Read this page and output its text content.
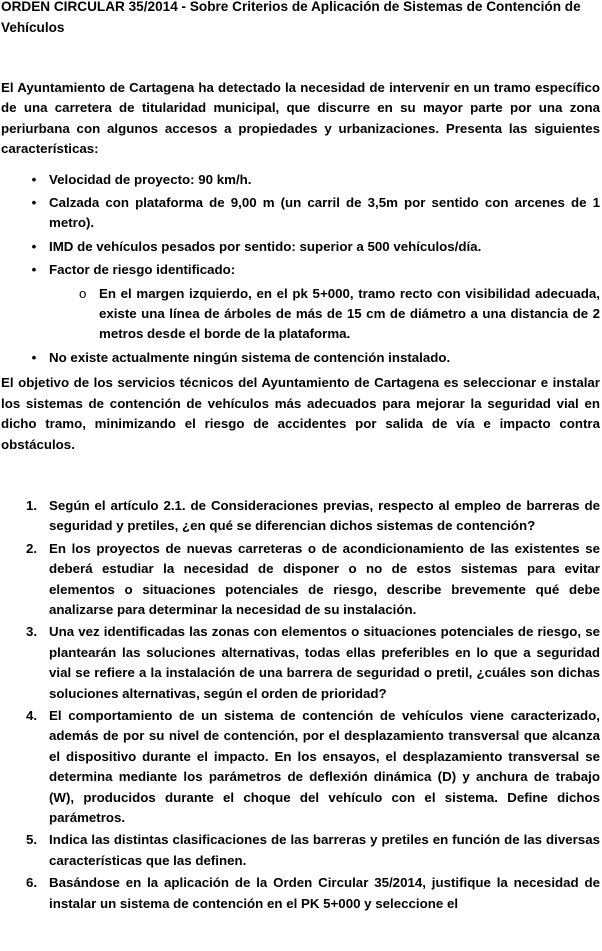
ORDEN CIRCULAR 35/2014 - Sobre Criterios de Aplicación de Sistemas de Contención de Vehículos

El Ayuntamiento de Cartagena ha detectado la necesidad de intervenir en un tramo específico de una carretera de titularidad municipal, que discurre en su mayor parte por una zona periurbana con algunos accesos a propiedades y urbanizaciones. Presenta las siguientes características:

• Velocidad de proyecto: 90 km/h.
• Calzada con plataforma de 9,00 m (un carril de 3,5m por sentido con arcenes de 1 metro).
• IMD de vehículos pesados por sentido: superior a 500 vehículos/día.
• Factor de riesgo identificado:
o En el margen izquierdo, en el pk 5+000, tramo recto con visibilidad adecuada, existe una línea de árboles de más de 15 cm de diámetro a una distancia de 2 metros desde el borde de la plataforma.
• No existe actualmente ningún sistema de contención instalado.

El objetivo de los servicios técnicos del Ayuntamiento de Cartagena es seleccionar e instalar los sistemas de contención de vehículos más adecuados para mejorar la seguridad vial en dicho tramo, minimizando el riesgo de accidentes por salida de vía e impacto contra obstáculos.

1. Según el artículo 2.1. de Consideraciones previas, respecto al empleo de barreras de seguridad y pretiles, ¿en qué se diferencian dichos sistemas de contención?
2. En los proyectos de nuevas carreteras o de acondicionamiento de las existentes se deberá estudiar la necesidad de disponer o no de estos sistemas para evitar elementos o situaciones potenciales de riesgo, describe brevemente qué debe analizarse para determinar la necesidad de su instalación.
3. Una vez identificadas las zonas con elementos o situaciones potenciales de riesgo, se plantearán las soluciones alternativas, todas ellas preferibles en lo que a seguridad vial se refiere a la instalación de una barrera de seguridad o pretil, ¿cuáles son dichas soluciones alternativas, según el orden de prioridad?
4. El comportamiento de un sistema de contención de vehículos viene caracterizado, además de por su nivel de contención, por el desplazamiento transversal que alcanza el dispositivo durante el impacto. En los ensayos, el desplazamiento transversal se determina mediante los parámetros de deflexión dinámica (D) y anchura de trabajo (W), producidos durante el choque del vehículo con el sistema. Define dichos parámetros.
5. Indica las distintas clasificaciones de las barreras y pretiles en función de las diversas características que las definen.
6. Basándose en la aplicación de la Orden Circular 35/2014, justifique la necesidad de instalar un sistema de contención en el PK 5+000 y seleccione el
